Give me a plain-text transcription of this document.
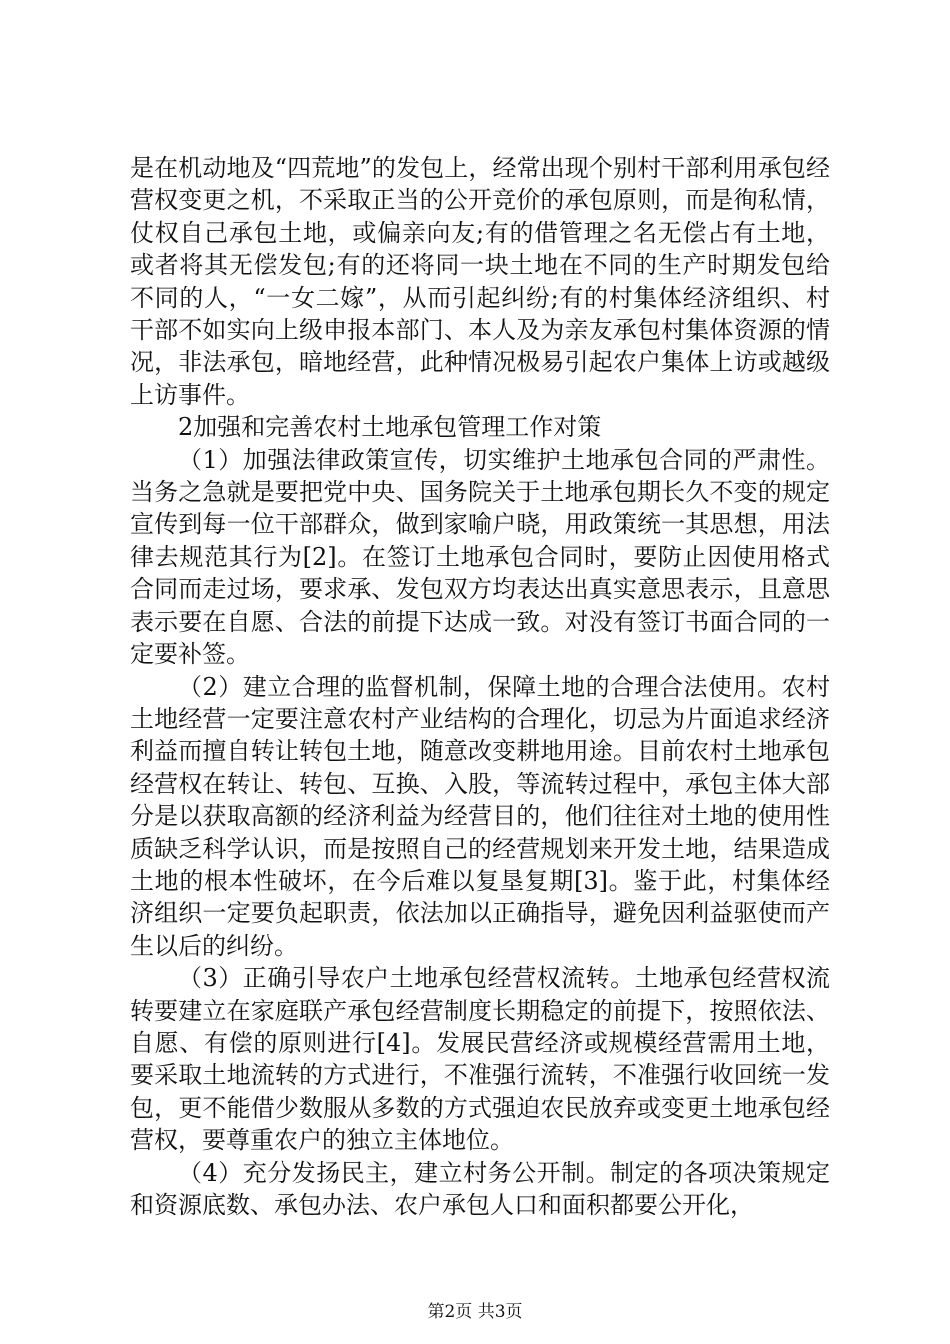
是在机动地及“四荒地”的发包上，经常出现个别村干部利用承包经营权变更之机，不采取正当的公开竞价的承包原则，而是徇私情，仗权自己承包土地，或偏亲向友;有的借管理之名无偿占有土地，或者将其无偿发包;有的还将同一块土地在不同的生产时期发包给不同的人，“一女二嫁”，从而引起纠纷;有的村集体经济组织、村干部不如实向上级申报本部门、本人及为亲友承包村集体资源的情况，非法承包，暗地经营，此种情况极易引起农户集体上访或越级上访事件。

2加强和完善农村土地承包管理工作对策

（1）加强法律政策宣传，切实维护土地承包合同的严肃性。当务之急就是要把党中央、国务院关于土地承包期长久不变的规定宣传到每一位干部群众，做到家喻户晓，用政策统一其思想，用法律去规范其行为[2]。在签订土地承包合同时，要防止因使用格式合同而走过场，要求承、发包双方均表达出真实意思表示，且意思表示要在自愿、合法的前提下达成一致。对没有签订书面合同的一定要补签。

（2）建立合理的监督机制，保障土地的合理合法使用。农村土地经营一定要注意农村产业结构的合理化，切忌为片面追求经济利益而擅自转让转包土地，随意改变耕地用途。目前农村土地承包经营权在转让、转包、互换、入股，等流转过程中，承包主体大部分是以获取高额的经济利益为经营目的，他们往往对土地的使用性质缺乏科学认识，而是按照自己的经营规划来开发土地，结果造成土地的根本性破坏，在今后难以复垦复期[3]。鉴于此，村集体经济组织一定要负起职责，依法加以正确指导，避免因利益驱使而产生以后的纠纷。

（3）正确引导农户土地承包经营权流转。土地承包经营权流转要建立在家庭联产承包经营制度长期稳定的前提下，按照依法、自愿、有偿的原则进行[4]。发展民营经济或规模经营需用土地，要采取土地流转的方式进行，不准强行流转，不准强行收回统一发包，更不能借少数服从多数的方式强迫农民放弃或变更土地承包经营权，要尊重农户的独立主体地位。

（4）充分发扬民主，建立村务公开制。制定的各项决策规定和资源底数、承包办法、农户承包人口和面积都要公开化，

第2页 共3页
